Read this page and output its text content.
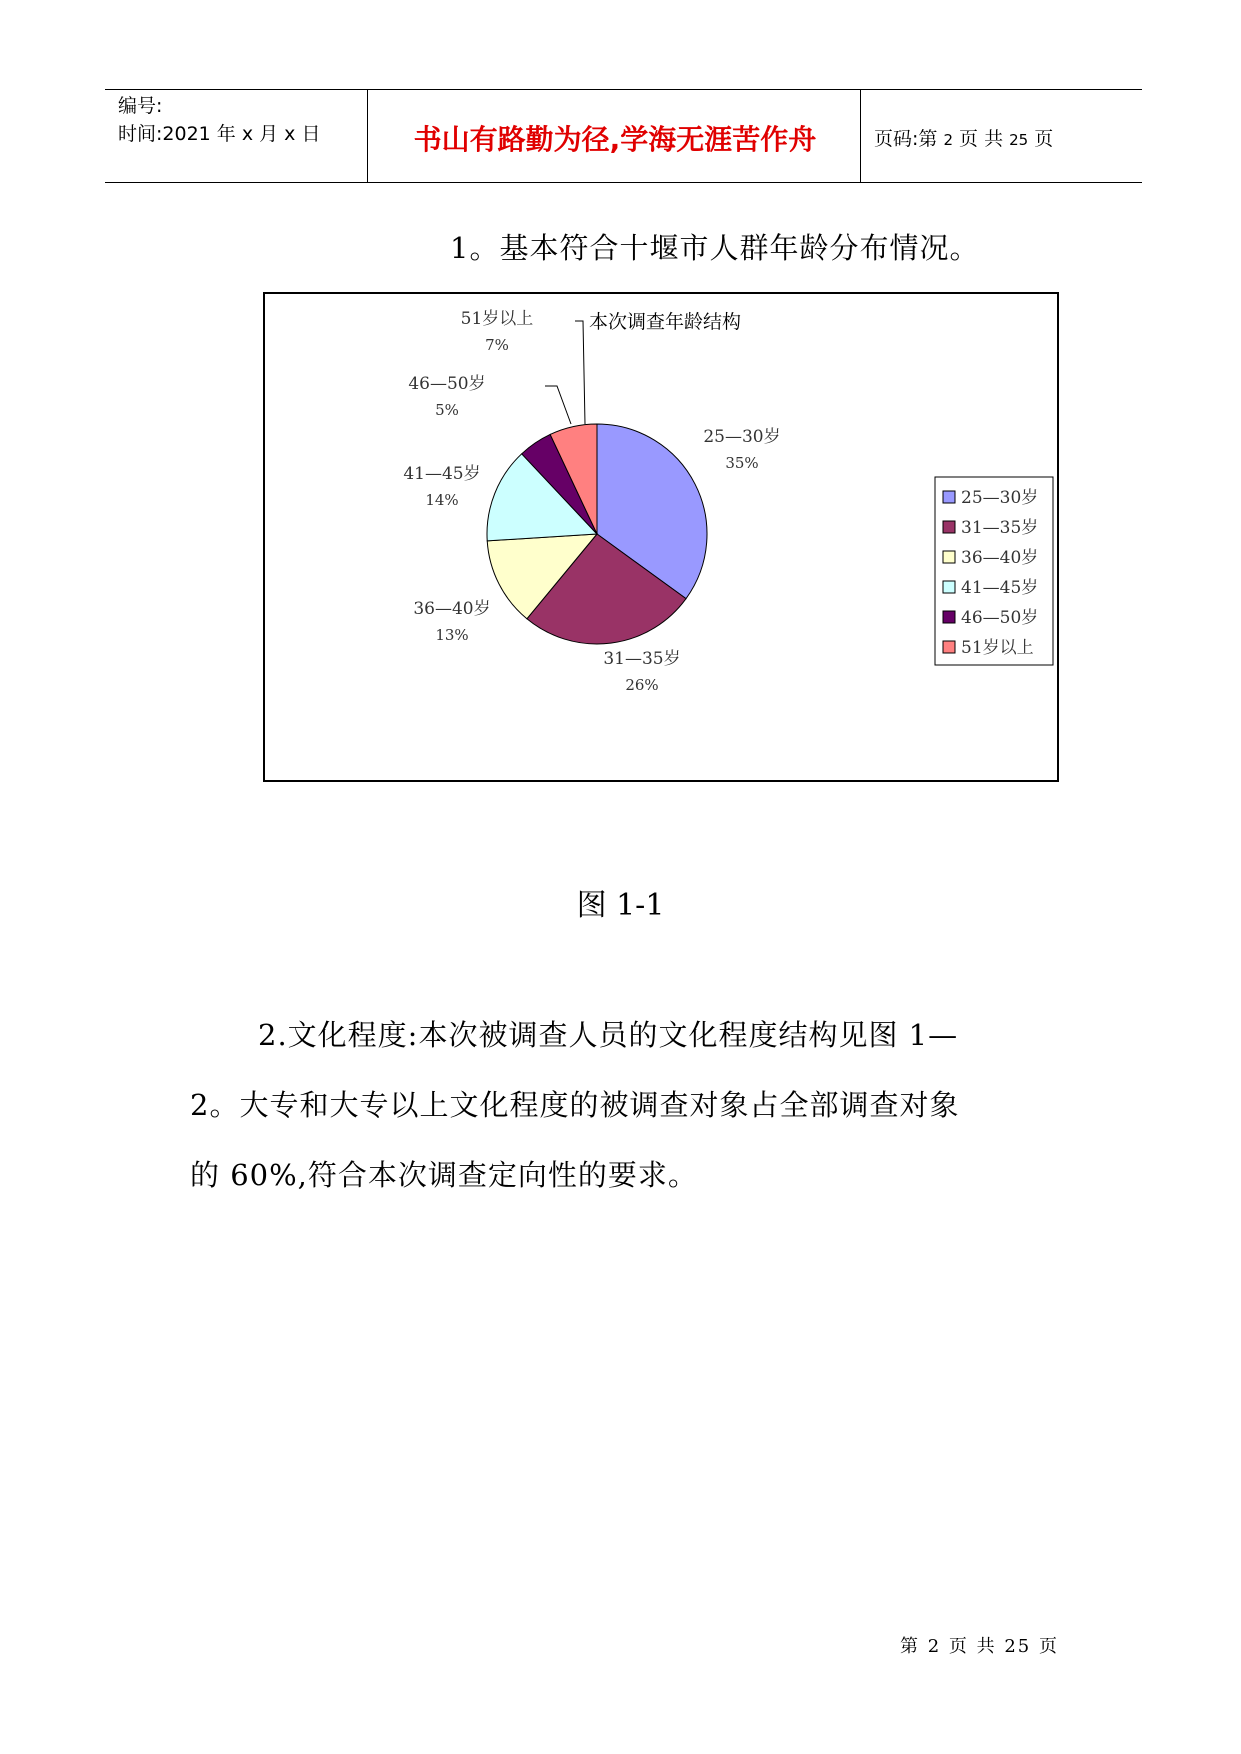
编号:
时间:2021 年 x 月 x 日	书山有路勤为径,学海无涯苦作舟	页码:第 2 页 共 25 页
1。基本符合十堰市人群年龄分布情况。
本次调查年龄结构
25—30岁
35%
31—35岁
26%
36—40岁
13%
41—45岁
14%
46—50岁
5%
51岁以上
7%
25—30岁
31—35岁
36—40岁
41—45岁
46—50岁
51岁以上
图 1-1

2.文化程度:本次被调查人员的文化程度结构见图 1—

2。大专和大专以上文化程度的被调查对象占全部调查对象

的 60%,符合本次调查定向性的要求。

第 2 页 共 25 页
